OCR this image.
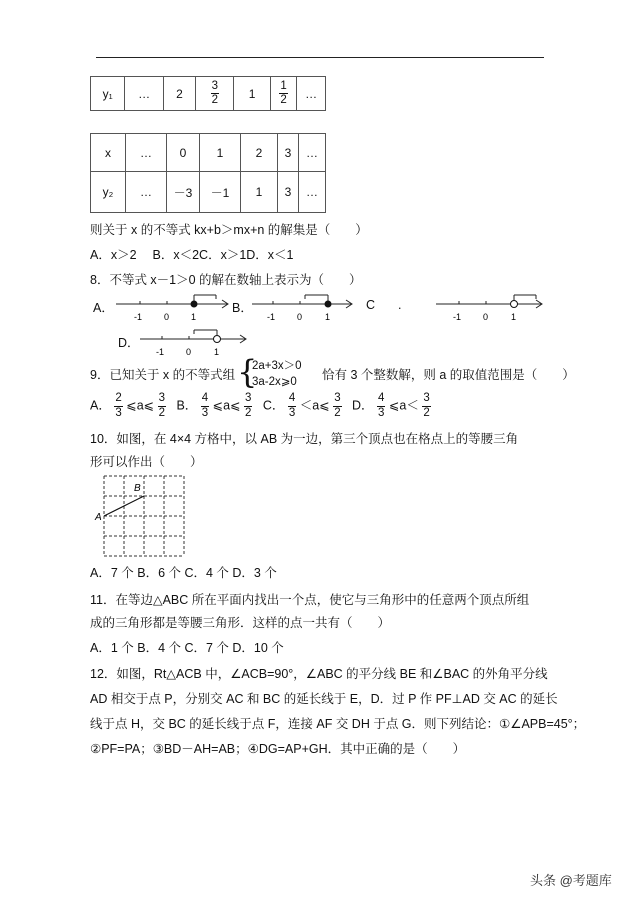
y₁	…	2	$\frac{3}{2}$	1	$\frac{1}{2}$	…
x	…	0	1	2	3	…
y₂	…	－3	－1	1	3	…
则关于 x 的不等式 kx+b＞mx+n 的解集是（　　）
A．x＞2　 B．x＜2C．x＞1D．x＜1
8．不等式 x－1＞0 的解在数轴上表示为（　　）
A．
-1 0 1
B．
-1 0	1
C .
-1 0	1
D．
-1 0	1
9．已知关于 x 的不等式组 {
2a+3x＞0
3a-2x⩾0 恰有 3 个整数解，则 a 的取值范围是（　　）
A． $\frac{2}{3}$ ⩽a⩽ $\frac{3}{2}$ B． $\frac{4}{3}$ ⩽a⩽ $\frac{3}{2}$ C． $\frac{4}{3}$ ＜a⩽ $\frac{3}{2}$ D． $\frac{4}{3}$ ⩽a＜ $\frac{3}{2}$
10．如图，在 4×4 方格中，以 AB 为一边，第三个顶点也在格点上的等腰三角
形可以作出（　　）
A
B
A．7 个 B．6 个 C．4 个 D．3 个
11．在等边△ABC 所在平面内找出一个点，使它与三角形中的任意两个顶点所组
成的三角形都是等腰三角形．这样的点一共有（　　）
A．1 个 B．4 个 C．7 个 D．10 个
12．如图，Rt△ACB 中，∠ACB=90°，∠ABC 的平分线 BE 和∠BAC 的外角平分线
AD 相交于点 P，分别交 AC 和 BC 的延长线于 E，D．过 P 作 PF⊥AD 交 AC 的延长
线于点 H，交 BC 的延长线于点 F，连接 AF 交 DH 于点 G．则下列结论：①∠APB=45°；
②PF=PA；③BD－AH=AB；④DG=AP+GH．其中正确的是（　　）
头条 @考题库
